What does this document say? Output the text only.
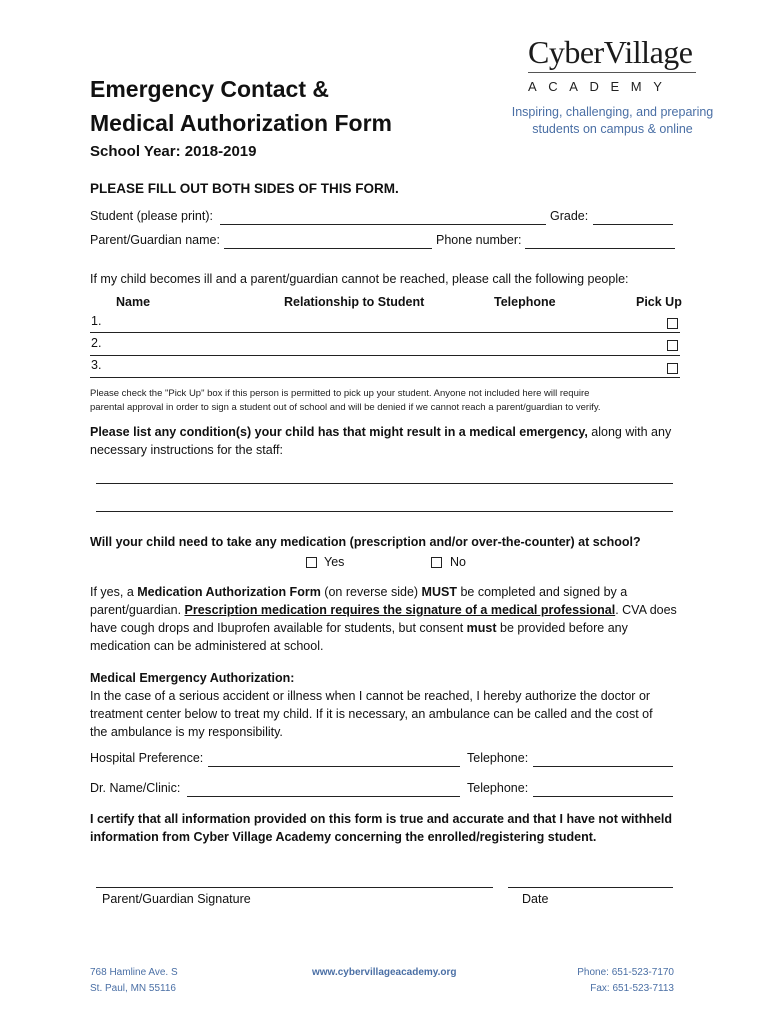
CyberVillage
ACADEMY
Inspiring, challenging, and preparing
students on campus & online
Emergency Contact &
Medical Authorization Form
School Year: 2018-2019
PLEASE FILL OUT BOTH SIDES OF THIS FORM.
Student (please print):	Grade:
Parent/Guardian name:	Phone number:
If my child becomes ill and a parent/guardian cannot be reached, please call the following people:
Name	Relationship to Student	Telephone	Pick Up
1.
2.
3.
Please check the "Pick Up" box if this person is permitted to pick up your student. Anyone not included here will require
parental approval in order to sign a student out of school and will be denied if we cannot reach a parent/guardian to verify.
Please list any condition(s) your child has that might result in a medical emergency, along with any
necessary instructions for the staff:
Will your child need to take any medication (prescription and/or over-the-counter) at school?
Yes	No
If yes, a Medication Authorization Form (on reverse side) MUST be completed and signed by a
parent/guardian. Prescription medication requires the signature of a medical professional. CVA does
have cough drops and Ibuprofen available for students, but consent must be provided before any
medication can be administered at school.
Medical Emergency Authorization:
In the case of a serious accident or illness when I cannot be reached, I hereby authorize the doctor or
treatment center below to treat my child. If it is necessary, an ambulance can be called and the cost of
the ambulance is my responsibility.
Hospital Preference:	Telephone:
Dr. Name/Clinic:	Telephone:
I certify that all information provided on this form is true and accurate and that I have not withheld
information from Cyber Village Academy concerning the enrolled/registering student.
Parent/Guardian Signature	Date
768 Hamline Ave. S
St. Paul, MN 55116
www.cybervillageacademy.org	Phone: 651-523-7170
Fax: 651-523-7113
